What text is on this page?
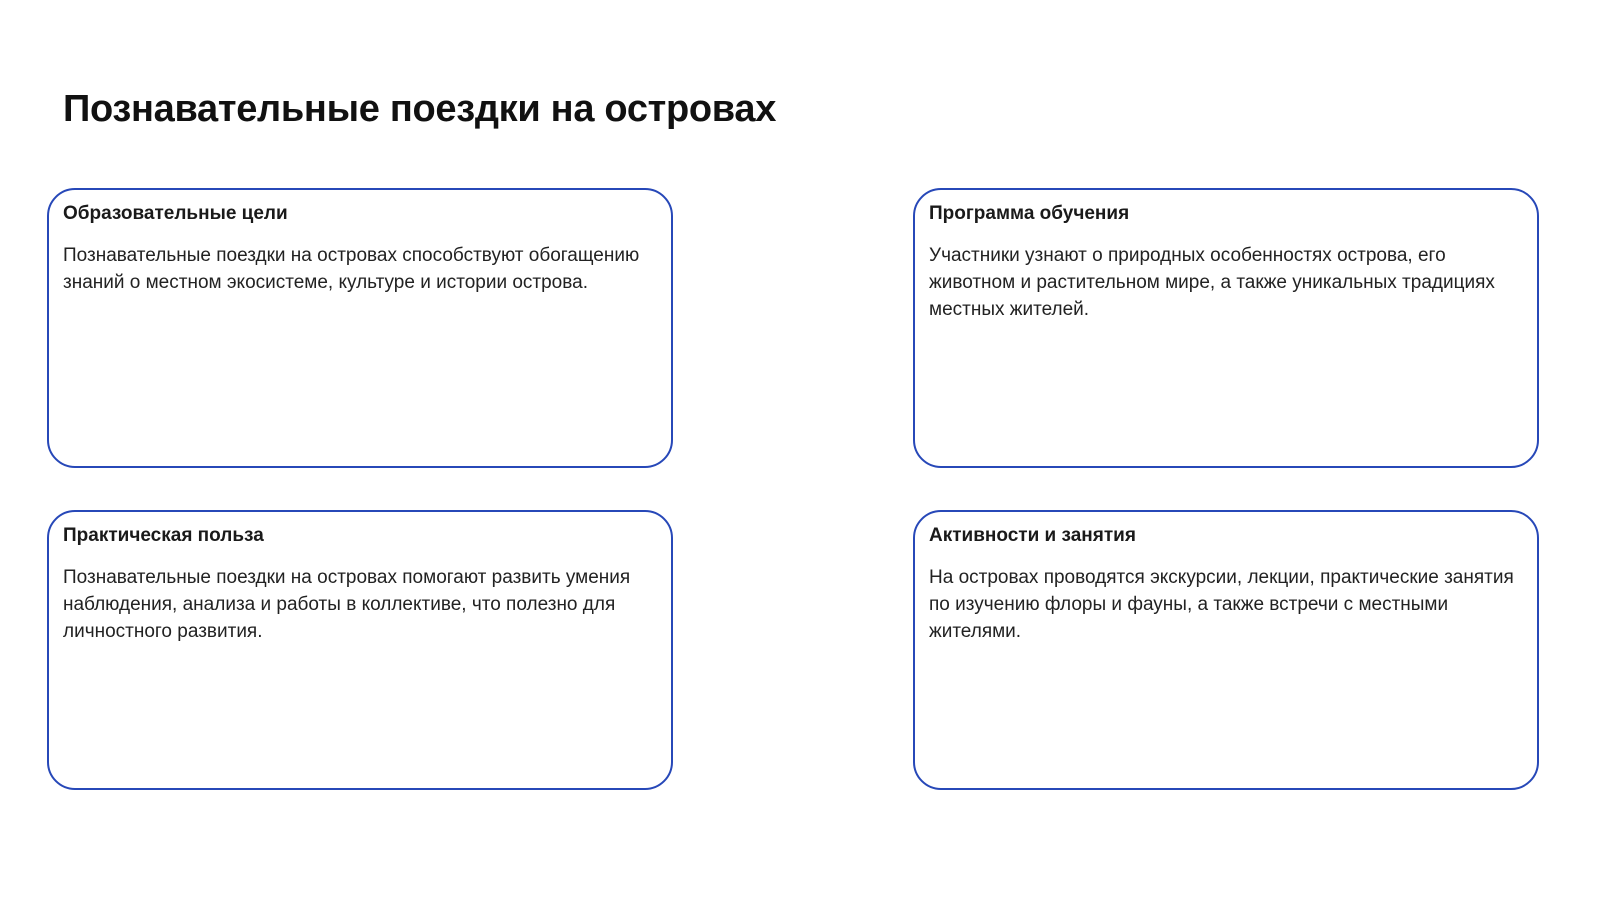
Познавательные поездки на островах
Образовательные цели

Познавательные поездки на островах способствуют обогащению знаний о местном экосистеме, культуре и истории острова.

Программа обучения

Участники узнают о природных особенностях острова, его животном и растительном мире, а также уникальных традициях местных жителей.

Практическая польза

Познавательные поездки на островах помогают развить умения наблюдения, анализа и работы в коллективе, что полезно для личностного развития.

Активности и занятия

На островах проводятся экскурсии, лекции, практические занятия по изучению флоры и фауны, а также встречи с местными жителями.
